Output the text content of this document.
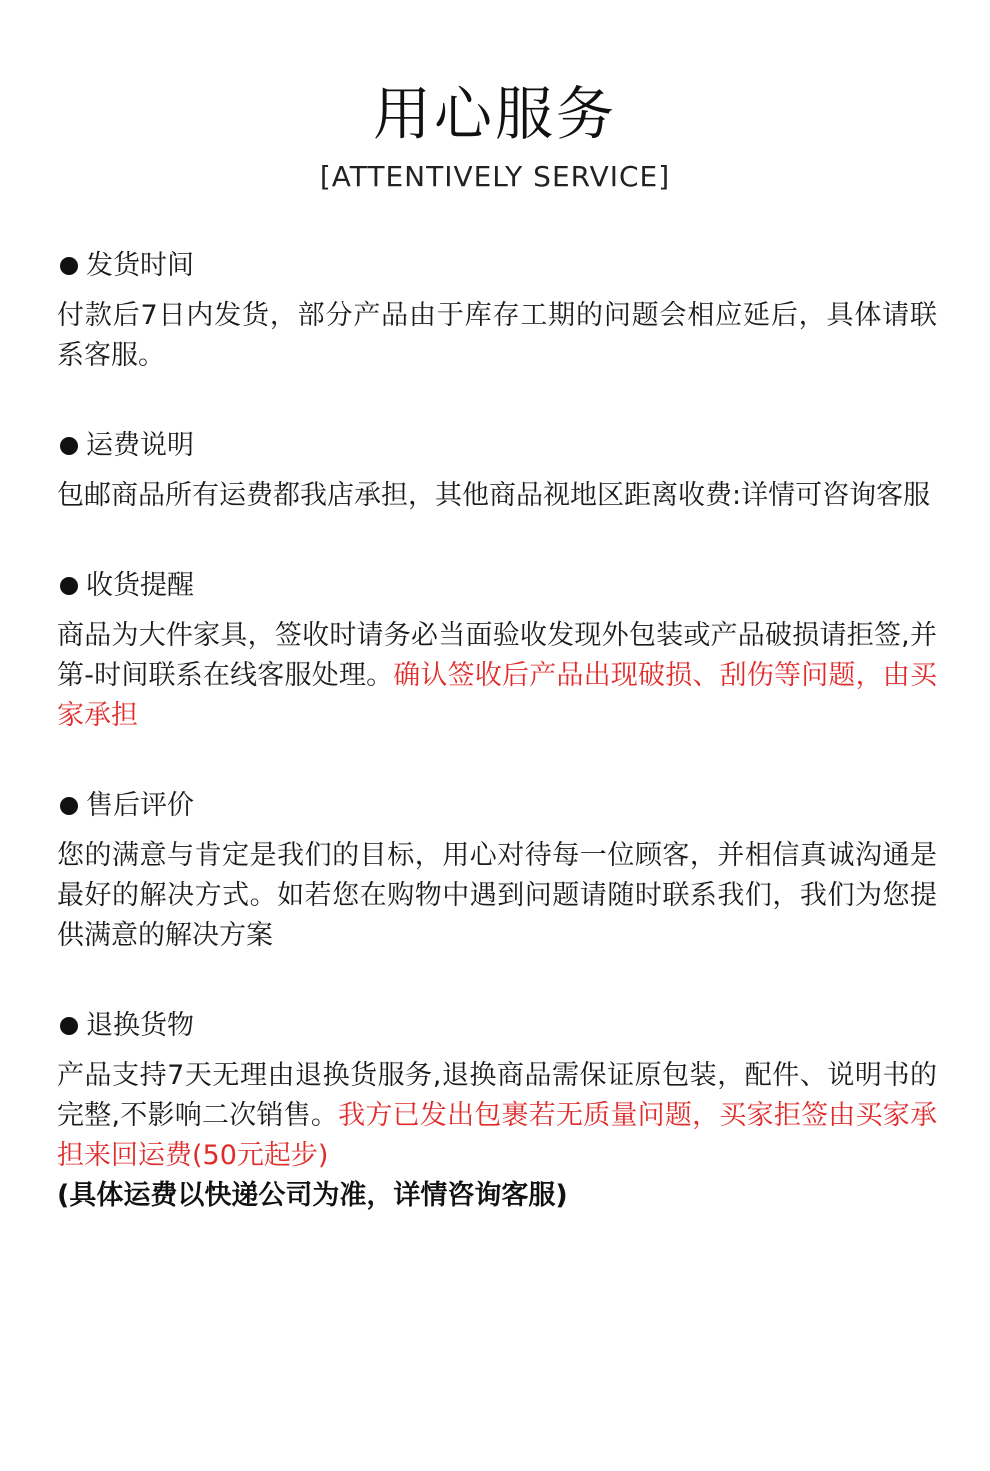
用心服务
[ATTENTIVELY SERVICE]
发货时间

付款后7日内发货，部分产品由于库存工期的问题会相应延后，具体请联系客服。

运费说明

包邮商品所有运费都我店承担，其他商品视地区距离收费:详情可咨询客服

收货提醒

商品为大件家具，签收时请务必当面验收发现外包装或产品破损请拒签,并第-时间联系在线客服处理。确认签收后产品出现破损、刮伤等问题，由买家承担

售后评价

您的满意与肯定是我们的目标，用心对待每一位顾客，并相信真诚沟通是最好的解决方式。如若您在购物中遇到问题请随时联系我们，我们为您提供满意的解决方案

退换货物

产品支持7天无理由退换货服务,退换商品需保证原包装，配件、说明书的完整,不影响二次销售。我方已发出包裹若无质量问题，买家拒签由买家承担来回运费(50元起步)

(具体运费以快递公司为准，详情咨询客服)
